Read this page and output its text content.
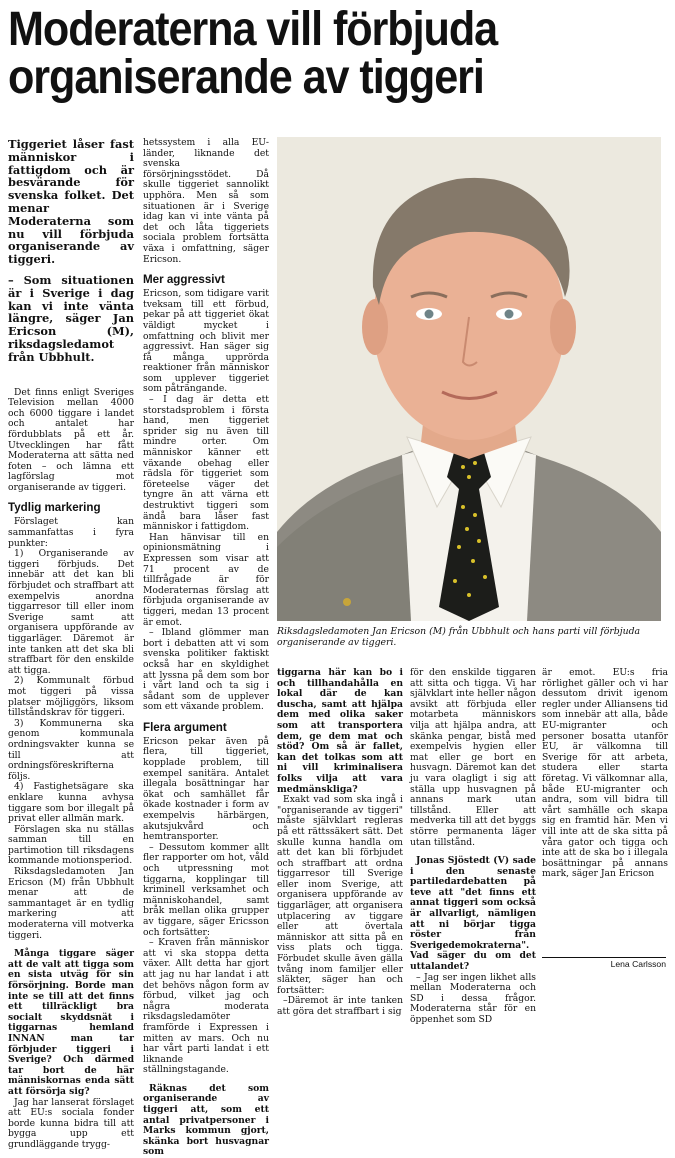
Moderaterna vill förbjuda
organiserande av tiggeri

Tiggeriet låser fast människor i fattigdom och är besvärande för svenska folket. Det menar Moderaterna som nu vill förbjuda organiserande av tiggeri.

– Som situationen är i Sverige i dag kan vi inte vänta längre, säger Jan Ericson (M), riksdagsledamot från Ubbhult.

Det finns enligt Sveriges Television mellan 4000 och 6000 tiggare i landet och antalet har fördubblats på ett år. Utvecklingen har fått Moderaterna att sätta ned foten – och lämna ett lagförslag mot organiserande av tiggeri.

Tydlig markering

Förslaget kan sammanfattas i fyra punkter:

1) Organiserande av tiggeri förbjuds. Det innebär att det kan bli förbjudet och straffbart att exempelvis anordna tiggarresor till eller inom Sverige samt att organisera uppförande av tiggarläger. Däremot är inte tanken att det ska bli straffbart för den enskilde att tigga.

2) Kommunalt förbud mot tiggeri på vissa platser möjliggörs, liksom tillståndskrav för tiggeri.

3) Kommunerna ska genom kommunala ordningsvakter kunna se till att ordningsföreskrifterna följs.

4) Fastighetsägare ska enklare kunna avhysa tiggare som bor illegalt på privat eller allmän mark.

Förslagen ska nu ställas samman till en partimotion till riksdagens kommande motionsperiod.

Riksdagsledamoten Jan Ericson (M) från Ubbhult menar att de sammantaget är en tydlig markering att moderaterna vill motverka tiggeri.

Många tiggare säger att de valt att tigga som en sista utväg för sin försörjning. Borde man inte se till att det finns ett tillräckligt bra socialt skyddsnät i tiggarnas hemland INNAN man tar förbjuder tiggeri i Sverige? Och därmed tar bort de här människornas enda sätt att försörja sig?

Jag har lanserat förslaget att EU:s sociala fonder borde kunna bidra till att bygga upp ett grundläggande trygg-

hetssystem i alla EU-länder, liknande det svenska försörjningsstödet. Då skulle tiggeriet sannolikt upphöra. Men så som situationen är i Sverige idag kan vi inte vänta på det och låta tiggeriets sociala problem fortsätta växa i omfattning, säger Ericson.

Mer aggressivt

Ericson, som tidigare varit tveksam till ett förbud, pekar på att tiggeriet ökat väldigt mycket i omfattning och blivit mer aggressivt. Han säger sig få många upprörda reaktioner från människor som upplever tiggeriet som påträngande.

– I dag är detta ett storstadsproblem i första hand, men tiggeriet sprider sig nu även till mindre orter. Om människor känner ett växande obehag eller rädsla för tiggeriet som företeelse väger det tyngre än att värna ett destruktivt tiggeri som ändå bara låser fast människor i fattigdom.

Han hänvisar till en opinionsmätning i Expressen som visar att 71 procent av de tillfrågade är för Moderaternas förslag att förbjuda organiserande av tiggeri, medan 13 procent är emot.

– Ibland glömmer man bort i debatten att vi som svenska politiker faktiskt också har en skyldighet att lyssna på dem som bor i vårt land och ta sig i sådant som de upplever som ett växande problem.

Flera argument

Ericson pekar även på flera, till tiggeriet, kopplade problem, till exempel sanitära. Antalet illegala bosättningar har ökat och samhället får ökade kostnader i form av exempelvis härbärgen, akutsjukvård och hemtransporter.

– Dessutom kommer allt fler rapporter om hot, våld och utpressning mot tiggarna, kopplingar till kriminell verksamhet och människohandel, samt bråk mellan olika grupper av tiggare, säger Ericsson och fortsätter:

– Kraven från människor att vi ska stoppa detta växer. Allt detta har gjort att jag nu har landat i att det behövs någon form av förbud, vilket jag och några moderata riksdagsledamöter framförde i Expressen i mitten av mars. Och nu har vårt parti landat i ett liknande ställningstagande.

Räknas det som organiserande av tiggeri att, som ett antal privatpersoner i Marks kommun gjort, skänka bort husvagnar som

Riksdagsledamoten Jan Ericson (M) från Ubbhult och hans parti vill förbjuda organiserande av tiggeri.

tiggarna här kan bo i och tillhandahålla en lokal där de kan duscha, samt att hjälpa dem med olika saker som att transportera dem, ge dem mat och stöd? Om så är fallet, kan det tolkas som att ni vill kriminalisera folks vilja att vara medmänskliga?

Exakt vad som ska ingå i "organiserande av tiggeri" måste självklart regleras på ett rättssäkert sätt. Det skulle kunna handla om att det kan bli förbjudet och straffbart att ordna tiggarresor till Sverige eller inom Sverige, att organisera uppförande av tiggarläger, att organisera utplacering av tiggare eller att övertala människor att sitta på en viss plats och tigga. Förbudet skulle även gälla tvång inom familjer eller släkter, säger han och fortsätter:

–Däremot är inte tanken att göra det straffbart i sig

för den enskilde tiggaren att sitta och tigga. Vi har självklart inte heller någon avsikt att förbjuda eller motarbeta människors vilja att hjälpa andra, att skänka pengar, bistå med exempelvis hygien eller mat eller ge bort en husvagn. Däremot kan det ju vara olagligt i sig att ställa upp husvagnen på annans mark utan tillstånd. Eller att medverka till att det byggs större permanenta läger utan tillstånd.

Jonas Sjöstedt (V) sade i den senaste partiledardebatten på teve att "det finns ett annat tiggeri som också är allvarligt, nämligen att ni börjar tigga röster från Sverigedemokraterna". Vad säger du om det uttalandet?

– Jag ser ingen likhet alls mellan Moderaterna och SD i dessa frågor. Moderaterna står för en öppenhet som SD

är emot. EU:s fria rörlighet gäller och vi har dessutom drivit igenom regler under Alliansens tid som innebär att alla, både EU-migranter och personer bosatta utanför EU, är välkomna till Sverige för att arbeta, studera eller starta företag. Vi välkomnar alla, både EU-migranter och andra, som vill bidra till vårt samhälle och skapa sig en framtid här. Men vi vill inte att de ska sitta på våra gator och tigga och inte att de ska bo i illegala bosättningar på annans mark, säger Jan Ericson

Lena Carlsson
